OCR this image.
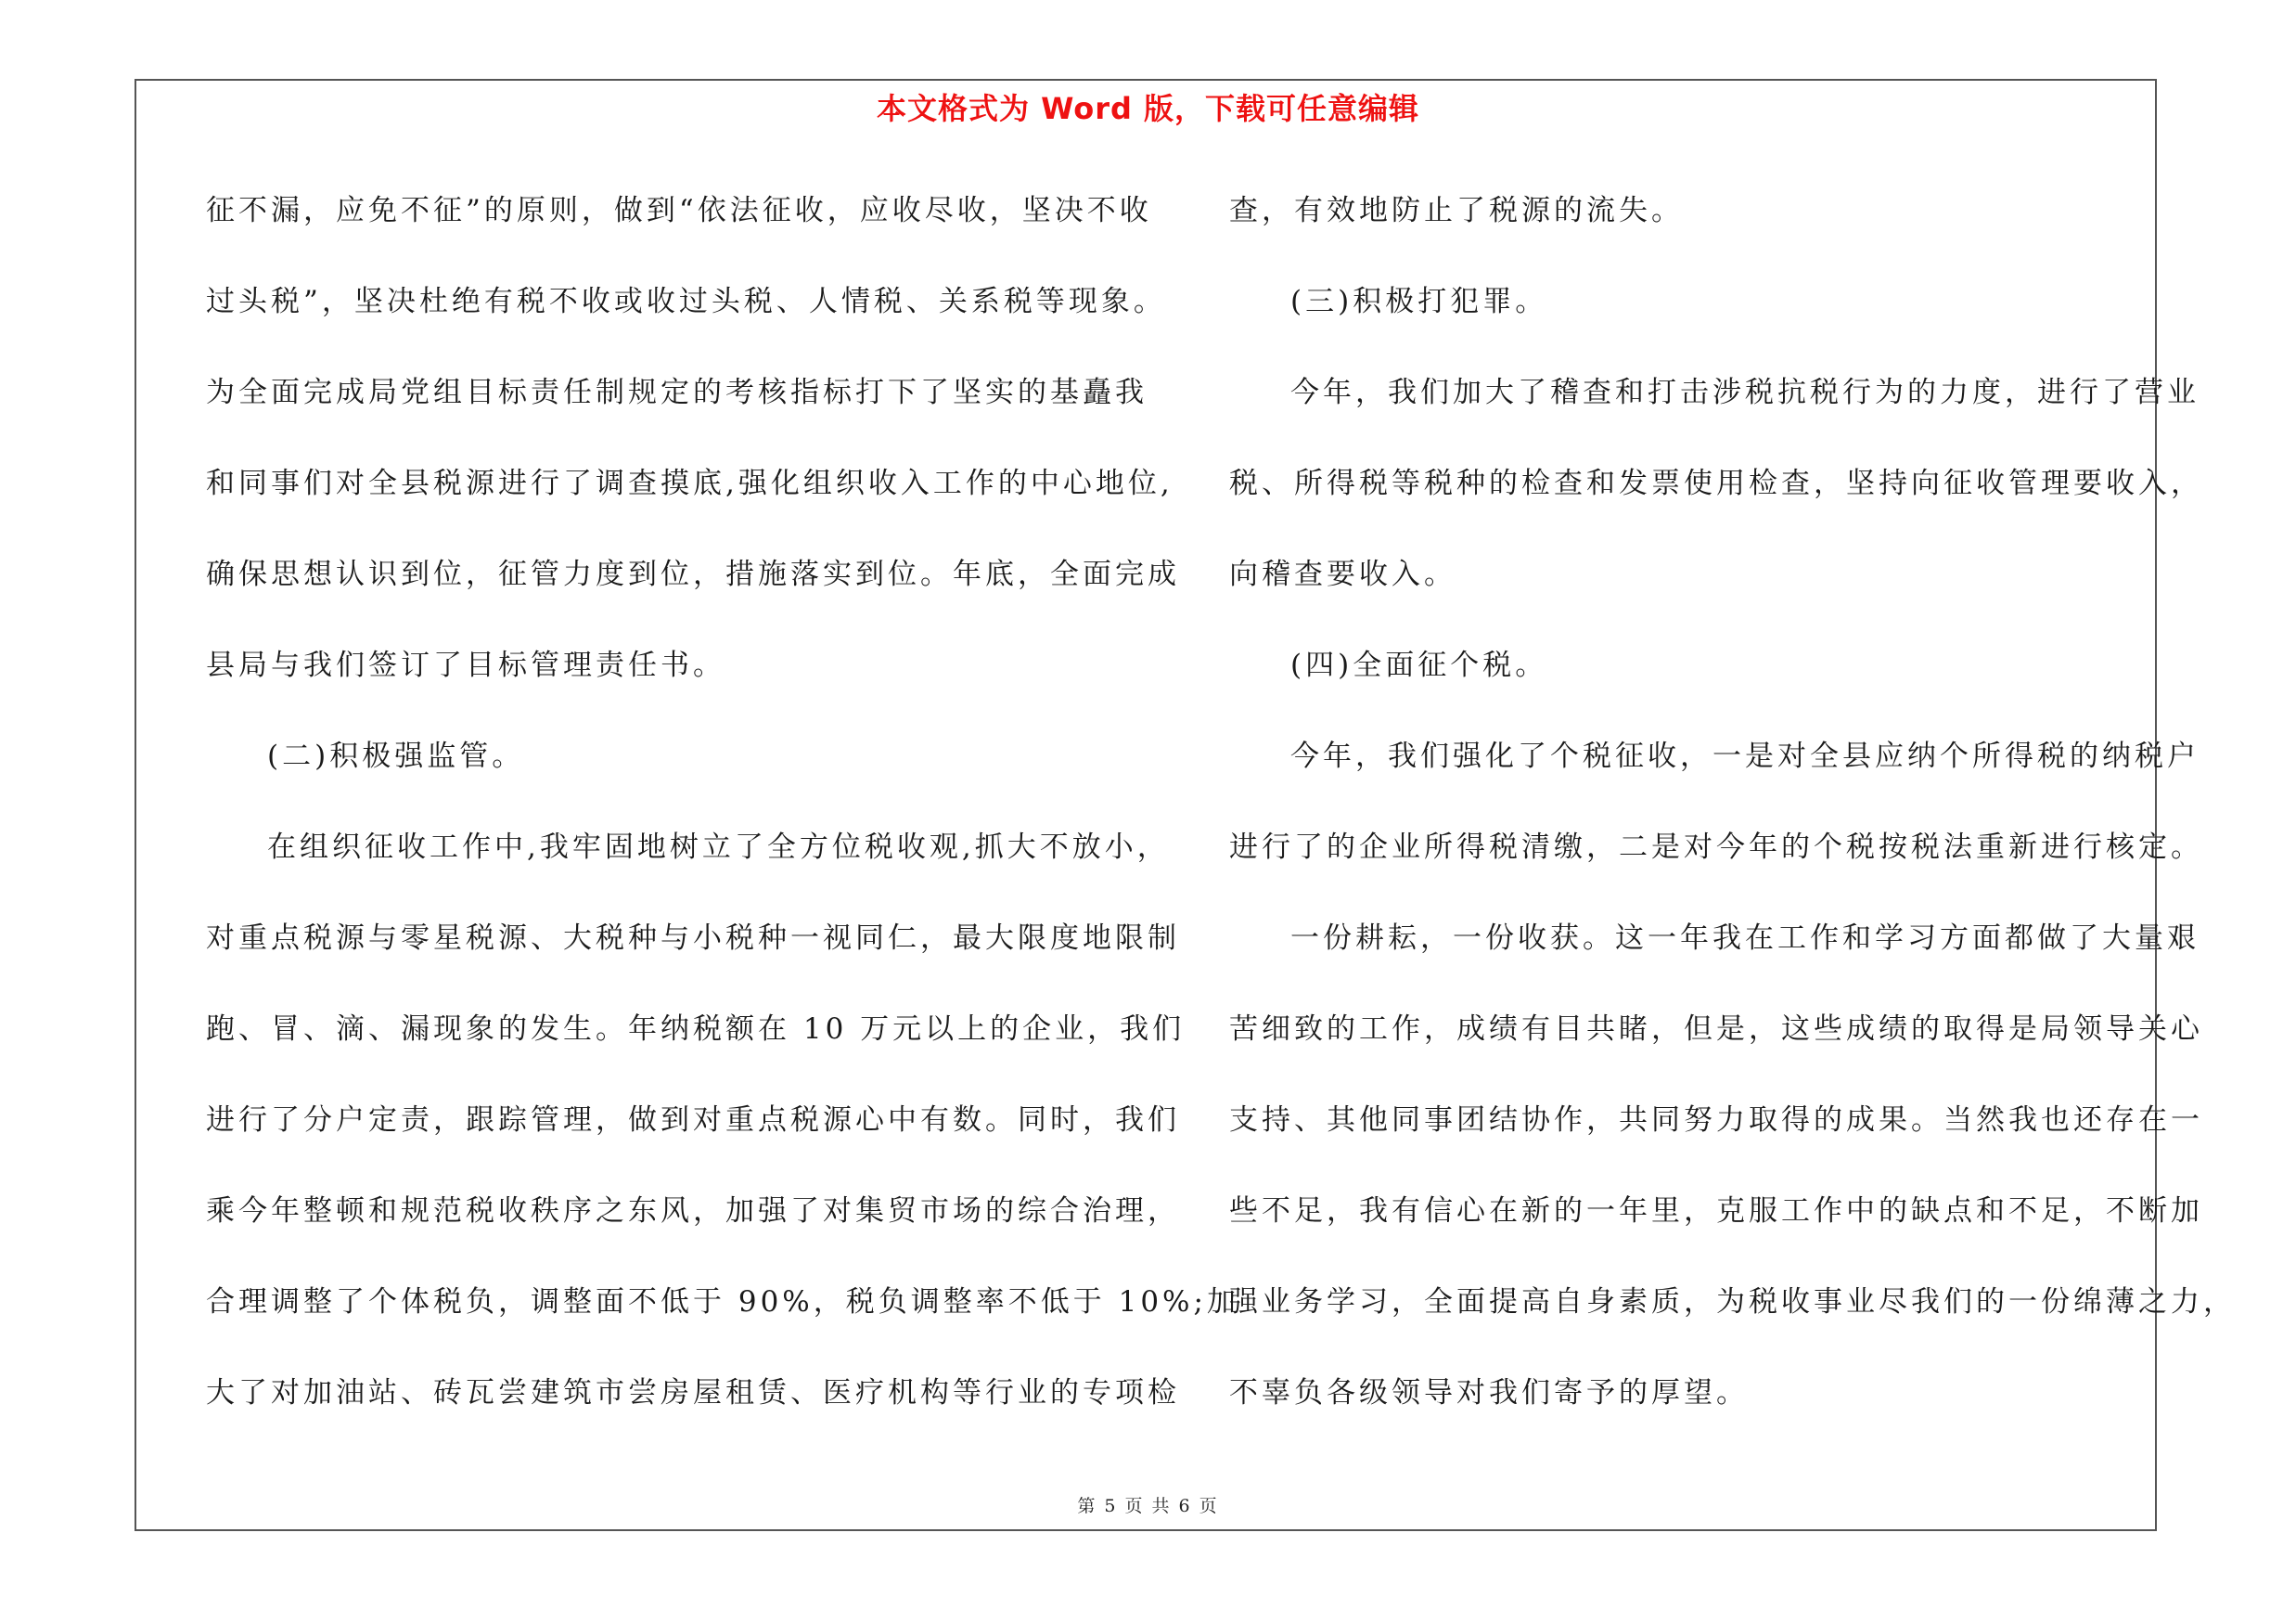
本文格式为 Word 版，下载可任意编辑
征不漏，应免不征”的原则，做到“依法征收，应收尽收，坚决不收
过头税”，坚决杜绝有税不收或收过头税、人情税、关系税等现象。
为全面完成局党组目标责任制规定的考核指标打下了坚实的基矗我
和同事们对全县税源进行了调查摸底,强化组织收入工作的中心地位,
确保思想认识到位，征管力度到位，措施落实到位。年底，全面完成
县局与我们签订了目标管理责任书。
(二)积极强监管。
在组织征收工作中,我牢固地树立了全方位税收观,抓大不放小，
对重点税源与零星税源、大税种与小税种一视同仁，最大限度地限制
跑、冒、滴、漏现象的发生。年纳税额在 10 万元以上的企业，我们
进行了分户定责，跟踪管理，做到对重点税源心中有数。同时，我们
乘今年整顿和规范税收秩序之东风，加强了对集贸市场的综合治理，
合理调整了个体税负，调整面不低于 90%，税负调整率不低于 10%;加
大了对加油站、砖瓦尝建筑市尝房屋租赁、医疗机构等行业的专项检
查，有效地防止了税源的流失。
(三)积极打犯罪。
今年，我们加大了稽查和打击涉税抗税行为的力度，进行了营业
税、所得税等税种的检查和发票使用检查，坚持向征收管理要收入，
向稽查要收入。
(四)全面征个税。
今年，我们强化了个税征收，一是对全县应纳个所得税的纳税户
进行了的企业所得税清缴，二是对今年的个税按税法重新进行核定。
一份耕耘，一份收获。这一年我在工作和学习方面都做了大量艰
苦细致的工作，成绩有目共睹，但是，这些成绩的取得是局领导关心
支持、其他同事团结协作，共同努力取得的成果。当然我也还存在一
些不足，我有信心在新的一年里，克服工作中的缺点和不足，不断加
强业务学习，全面提高自身素质，为税收事业尽我们的一份绵薄之力，
不辜负各级领导对我们寄予的厚望。
第 5 页 共 6 页
